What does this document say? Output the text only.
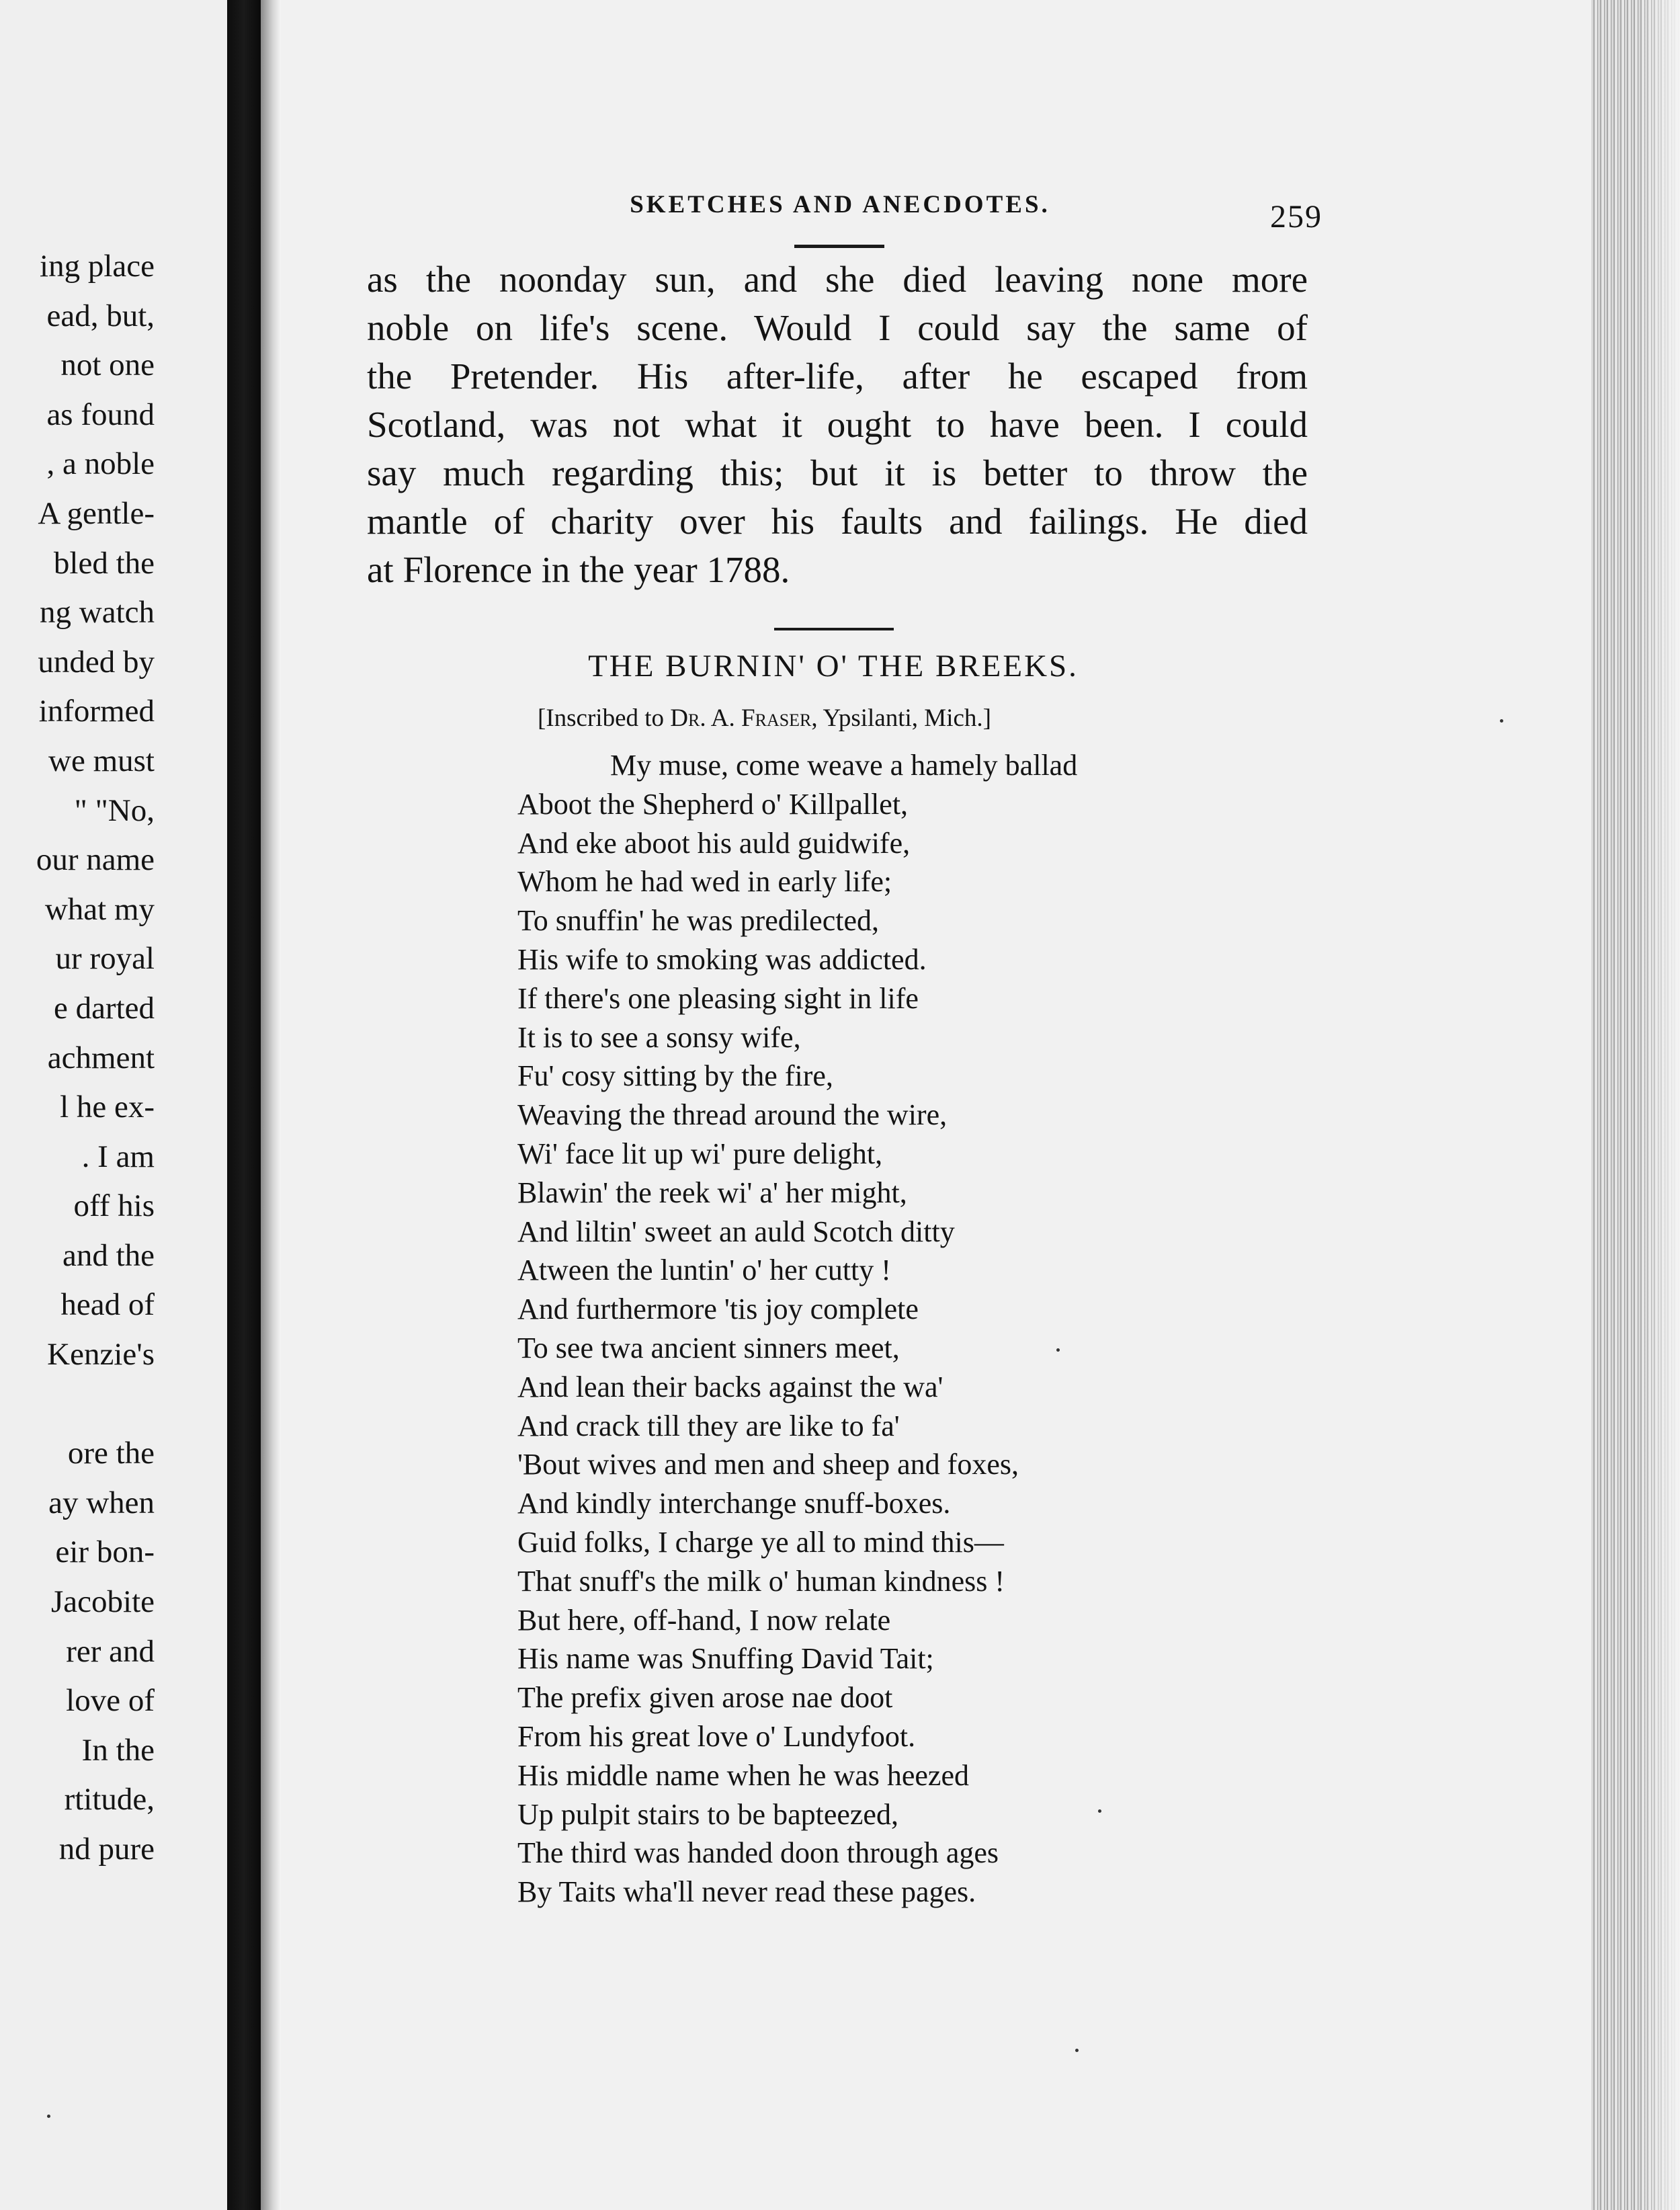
ing place
ead, but,
not one
as found
, a noble
A gentle-
bled the
ng watch
unded by
informed
we must
" "No,
our name
what my
ur royal
e darted
achment
l he ex-
. I am
off his
and the
head of
Kenzie's
ore the
ay when
eir bon-
Jacobite
rer and
love of
In the
rtitude,
nd pure
SKETCHES AND ANECDOTES.	259
as the noonday sun, and she died leaving none more
noble on life's scene. Would I could say the same of
the Pretender. His after-life, after he escaped from
Scotland, was not what it ought to have been. I could
say much regarding this; but it is better to throw the
mantle of charity over his faults and failings. He died
at Florence in the year 1788.
THE BURNIN' O' THE BREEKS.
[Inscribed to Dr. A. Fraser, Ypsilanti, Mich.]
My muse, come weave a hamely ballad
Aboot the Shepherd o' Killpallet,
And eke aboot his auld guidwife,
Whom he had wed in early life;
To snuffin' he was predilected,
His wife to smoking was addicted.
If there's one pleasing sight in life
It is to see a sonsy wife,
Fu' cosy sitting by the fire,
Weaving the thread around the wire,
Wi' face lit up wi' pure delight,
Blawin' the reek wi' a' her might,
And liltin' sweet an auld Scotch ditty
Atween the luntin' o' her cutty !
And furthermore 'tis joy complete
To see twa ancient sinners meet,
And lean their backs against the wa'
And crack till they are like to fa'
'Bout wives and men and sheep and foxes,
And kindly interchange snuff-boxes.
Guid folks, I charge ye all to mind this—
That snuff's the milk o' human kindness !
But here, off-hand, I now relate
His name was Snuffing David Tait;
The prefix given arose nae doot
From his great love o' Lundyfoot.
His middle name when he was heezed
Up pulpit stairs to be bapteezed,
The third was handed doon through ages
By Taits wha'll never read these pages.
